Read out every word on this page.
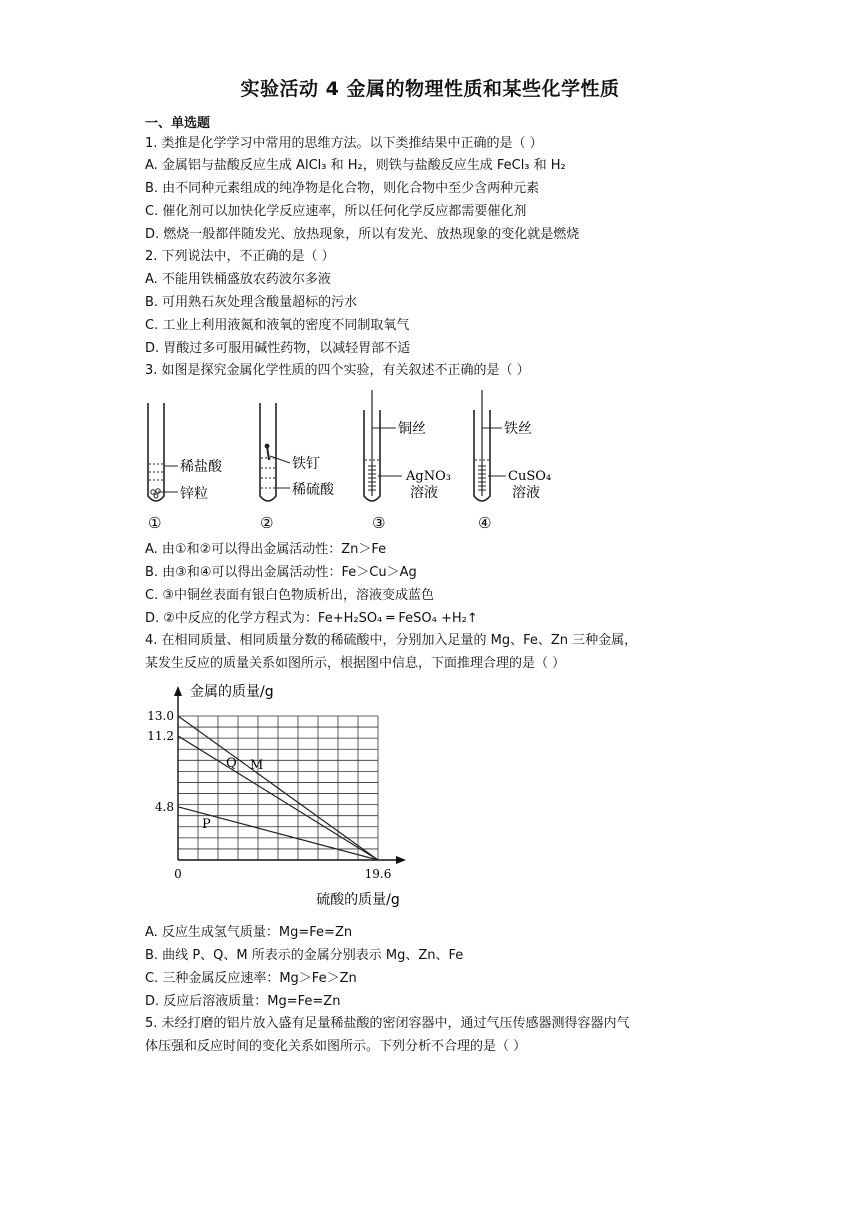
实验活动 4 金属的物理性质和某些化学性质
一、单选题
1. 类推是化学学习中常用的思维方法。以下类推结果中正确的是（ ）
A. 金属铝与盐酸反应生成 AlCl₃ 和 H₂，则铁与盐酸反应生成 FeCl₃ 和 H₂
B. 由不同种元素组成的纯净物是化合物，则化合物中至少含两种元素
C. 催化剂可以加快化学反应速率，所以任何化学反应都需要催化剂
D. 燃烧一般都伴随发光、放热现象，所以有发光、放热现象的变化就是燃烧
2. 下列说法中，不正确的是（ ）
A. 不能用铁桶盛放农药波尔多液
B. 可用熟石灰处理含酸量超标的污水
C. 工业上利用液氮和液氧的密度不同制取氧气
D. 胃酸过多可服用碱性药物，以减轻胃部不适
3. 如图是探究金属化学性质的四个实验，有关叙述不正确的是（ ）
稀盐酸
锌粒
①
铁钉
稀硫酸
②
铜丝
AgNO₃
溶液
③
铁丝
CuSO₄
溶液
④
A. 由①和②可以得出金属活动性：Zn＞Fe
B. 由③和④可以得出金属活动性：Fe＞Cu＞Ag
C. ③中铜丝表面有银白色物质析出，溶液变成蓝色
D. ②中反应的化学方程式为：Fe+H₂SO₄ ═ FeSO₄ +H₂↑
4. 在相同质量、相同质量分数的稀硫酸中，分别加入足量的 Mg、Fe、Zn 三种金属，
某发生反应的质量关系如图所示，根据图中信息，下面推理合理的是（ ）
M
Q
P
13.0
11.2
4.8
0	19.6
金属的质量/g
硫酸的质量/g
A. 反应生成氢气质量：Mg=Fe=Zn
B. 曲线 P、Q、M 所表示的金属分别表示 Mg、Zn、Fe
C. 三种金属反应速率：Mg＞Fe＞Zn
D. 反应后溶液质量：Mg=Fe=Zn
5. 未经打磨的铝片放入盛有足量稀盐酸的密闭容器中，通过气压传感器测得容器内气
体压强和反应时间的变化关系如图所示。下列分析不合理的是（ ）
